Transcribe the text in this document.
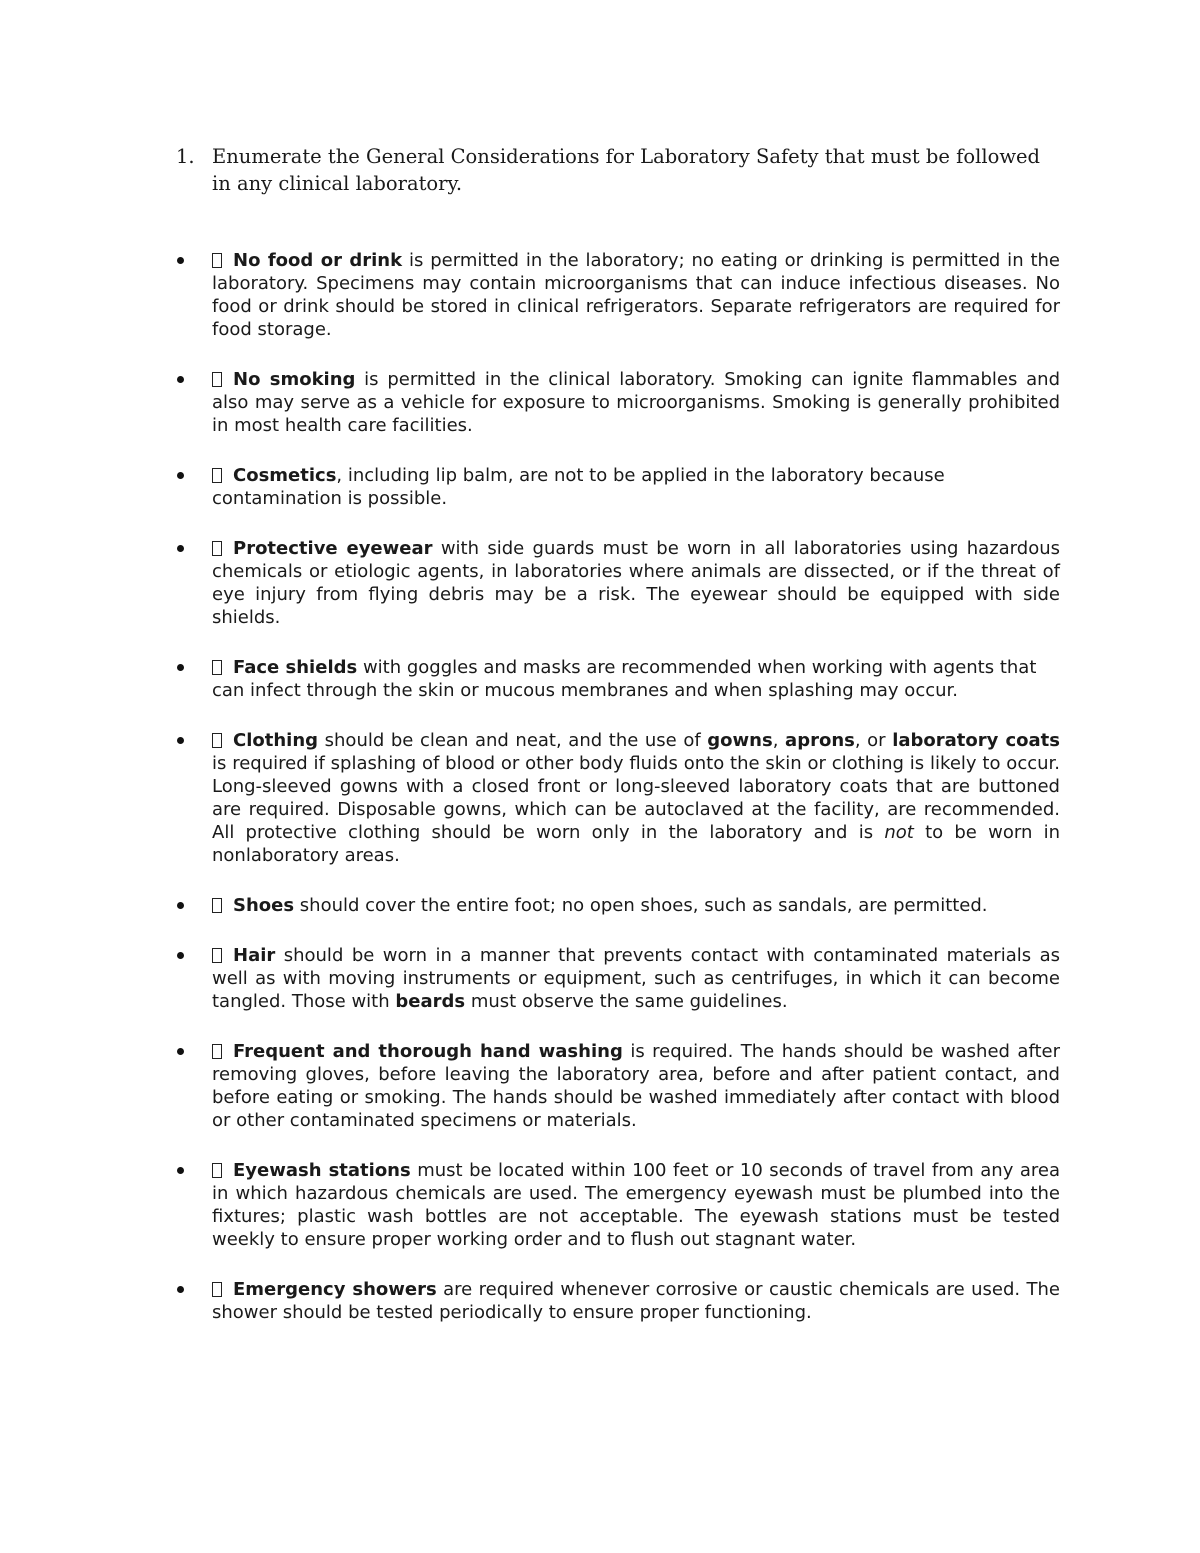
1. Enumerate the General Considerations for Laboratory Safety that must be followed in any clinical laboratory.
No food or drink is permitted in the laboratory; no eating or drinking is permitted in the laboratory. Specimens may contain microorganisms that can induce infectious diseases. No food or drink should be stored in clinical refrigerators. Separate refrigerators are required for food storage.
No smoking is permitted in the clinical laboratory. Smoking can ignite flammables and also may serve as a vehicle for exposure to microorganisms. Smoking is generally prohibited in most health care facilities.
Cosmetics, including lip balm, are not to be applied in the laboratory because contamination is possible.
Protective eyewear with side guards must be worn in all laboratories using hazardous chemicals or etiologic agents, in laboratories where animals are dissected, or if the threat of eye injury from flying debris may be a risk. The eyewear should be equipped with side shields.
Face shields with goggles and masks are recommended when working with agents that can infect through the skin or mucous membranes and when splashing may occur.
Clothing should be clean and neat, and the use of gowns, aprons, or laboratory coats is required if splashing of blood or other body fluids onto the skin or clothing is likely to occur. Long-sleeved gowns with a closed front or long-sleeved laboratory coats that are buttoned are required. Disposable gowns, which can be autoclaved at the facility, are recommended. All protective clothing should be worn only in the laboratory and is not to be worn in nonlaboratory areas.
Shoes should cover the entire foot; no open shoes, such as sandals, are permitted.
Hair should be worn in a manner that prevents contact with contaminated materials as well as with moving instruments or equipment, such as centrifuges, in which it can become tangled. Those with beards must observe the same guidelines.
Frequent and thorough hand washing is required. The hands should be washed after removing gloves, before leaving the laboratory area, before and after patient contact, and before eating or smoking. The hands should be washed immediately after contact with blood or other contaminated specimens or materials.
Eyewash stations must be located within 100 feet or 10 seconds of travel from any area in which hazardous chemicals are used. The emergency eyewash must be plumbed into the fixtures; plastic wash bottles are not acceptable. The eyewash stations must be tested weekly to ensure proper working order and to flush out stagnant water.
Emergency showers are required whenever corrosive or caustic chemicals are used. The shower should be tested periodically to ensure proper functioning.
